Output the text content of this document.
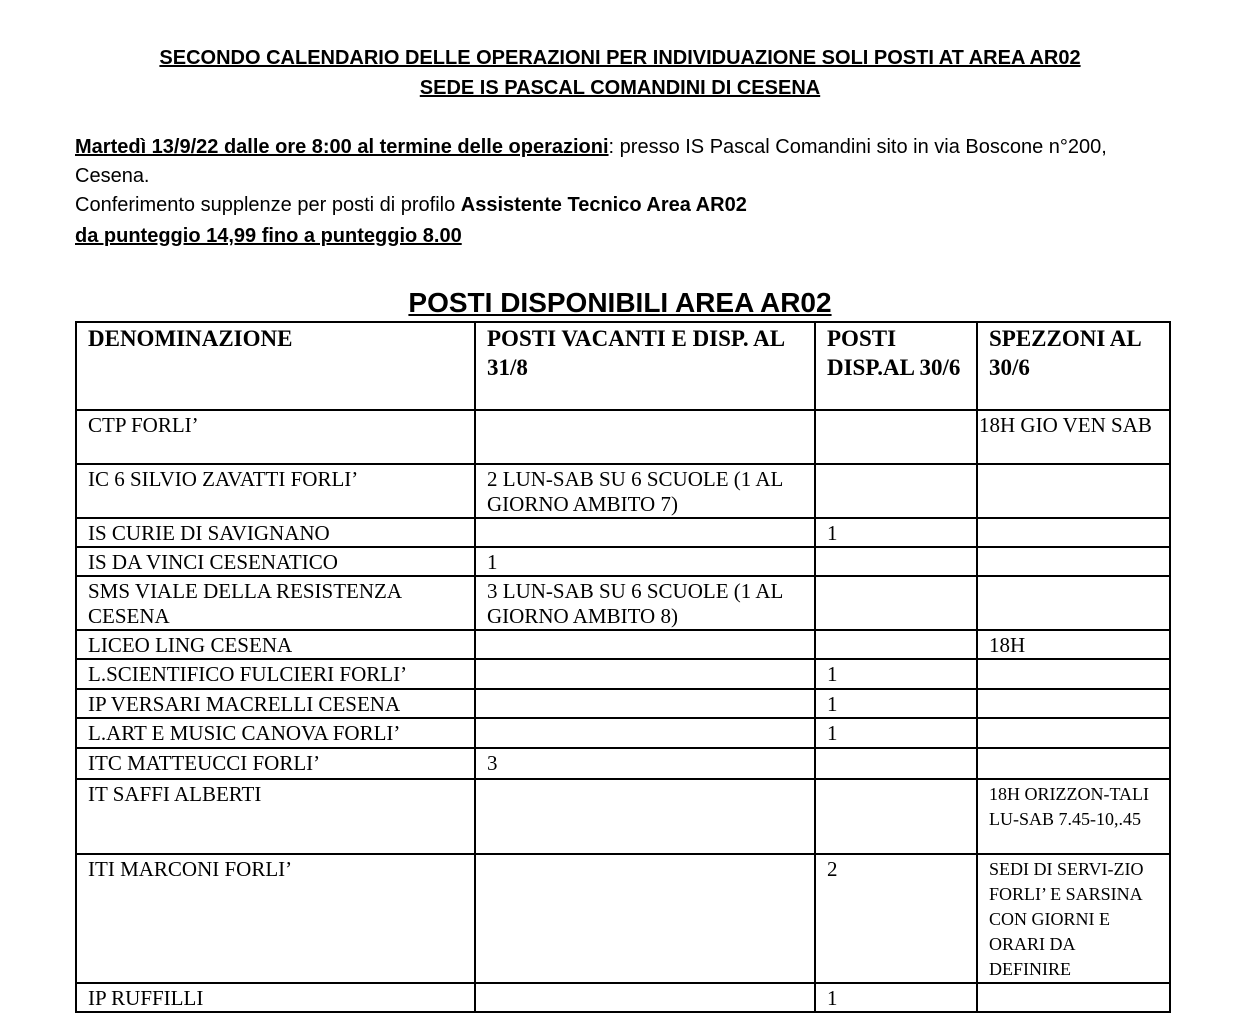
SECONDO CALENDARIO DELLE OPERAZIONI PER INDIVIDUAZIONE SOLI POSTI AT AREA AR02
SEDE IS PASCAL COMANDINI DI CESENA
Martedì 13/9/22 dalle ore 8:00 al termine delle operazioni: presso IS Pascal Comandini sito in via Boscone n°200,
Cesena.
Conferimento supplenze per posti di profilo Assistente Tecnico Area AR02
da punteggio 14,99 fino a punteggio 8.00
POSTI DISPONIBILI AREA AR02
DENOMINAZIONE	POSTI VACANTI E DISP. AL 31/8	POSTI DISP.AL 30/6	SPEZZONI AL 30/6
CTP FORLI’			18H GIO VEN SAB
IC 6 SILVIO ZAVATTI FORLI’	2 LUN-SAB SU 6 SCUOLE (1 AL GIORNO AMBITO 7)		
IS CURIE DI SAVIGNANO		1	
IS DA VINCI CESENATICO	1		
SMS VIALE DELLA RESISTENZA CESENA	3 LUN-SAB SU 6 SCUOLE (1 AL GIORNO AMBITO 8)		
LICEO LING CESENA			18H
L.SCIENTIFICO FULCIERI FORLI’		1	
IP VERSARI MACRELLI CESENA		1	
L.ART E MUSIC CANOVA FORLI’		1	
ITC MATTEUCCI FORLI’	3		
IT SAFFI ALBERTI			18H ORIZZON-TALI LU-SAB 7.45-10,.45
ITI MARCONI FORLI’		2	SEDI DI SERVI-ZIO FORLI’ E SARSINA CON GIORNI E ORARI DA DEFINIRE
IP RUFFILLI		1	
